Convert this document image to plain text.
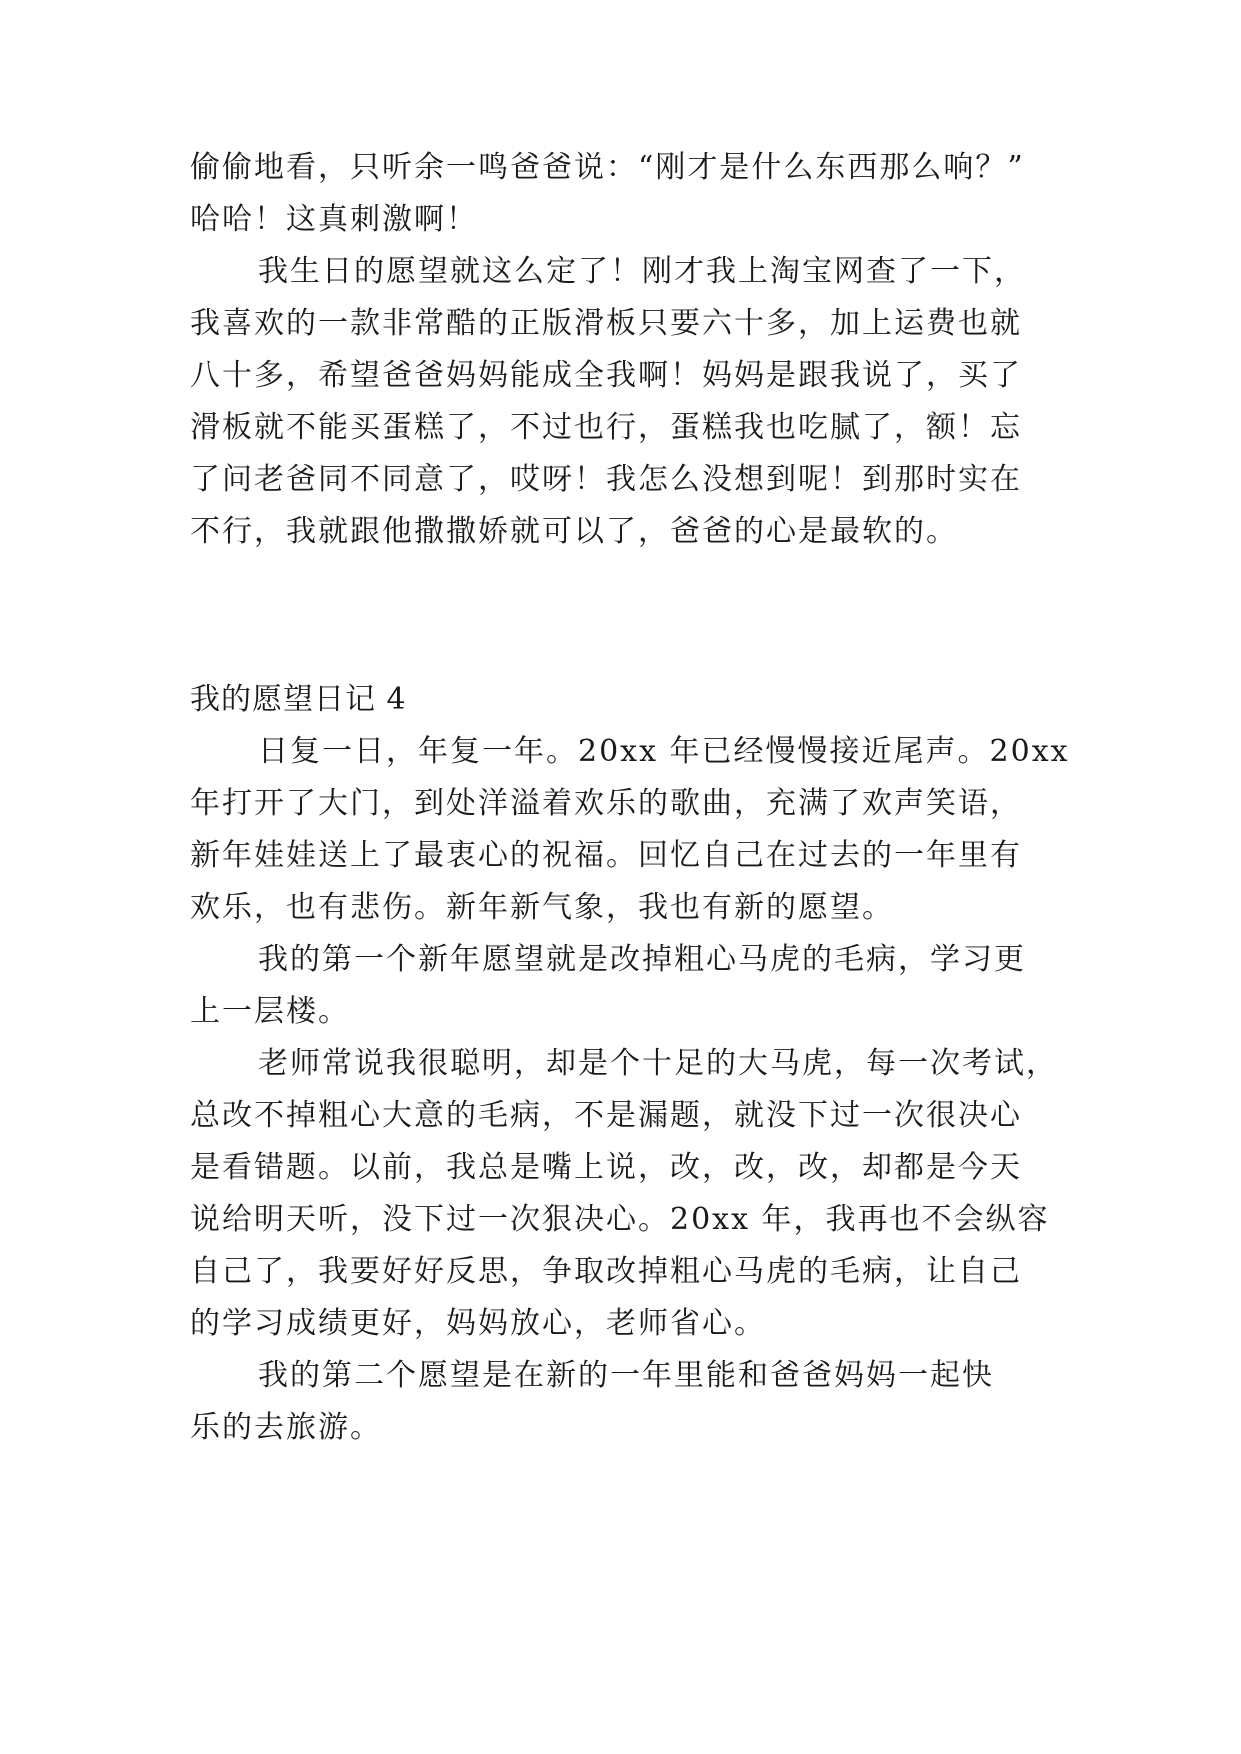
偷偷地看，只听余一鸣爸爸说：“刚才是什么东西那么响？”
哈哈！这真刺激啊！
我生日的愿望就这么定了！刚才我上淘宝网查了一下，
我喜欢的一款非常酷的正版滑板只要六十多，加上运费也就
八十多，希望爸爸妈妈能成全我啊！妈妈是跟我说了，买了
滑板就不能买蛋糕了，不过也行，蛋糕我也吃腻了，额！忘
了问老爸同不同意了，哎呀！我怎么没想到呢！到那时实在
不行，我就跟他撒撒娇就可以了，爸爸的心是最软的。
我的愿望日记 4
日复一日，年复一年。20xx 年已经慢慢接近尾声。20xx
年打开了大门，到处洋溢着欢乐的歌曲，充满了欢声笑语，
新年娃娃送上了最衷心的祝福。回忆自己在过去的一年里有
欢乐，也有悲伤。新年新气象，我也有新的愿望。
我的第一个新年愿望就是改掉粗心马虎的毛病，学习更
上一层楼。
老师常说我很聪明，却是个十足的大马虎，每一次考试，
总改不掉粗心大意的毛病，不是漏题，就没下过一次很决心
是看错题。以前，我总是嘴上说，改，改，改，却都是今天
说给明天听，没下过一次狠决心。20xx 年，我再也不会纵容
自己了，我要好好反思，争取改掉粗心马虎的毛病，让自己
的学习成绩更好，妈妈放心，老师省心。
我的第二个愿望是在新的一年里能和爸爸妈妈一起快
乐的去旅游。
